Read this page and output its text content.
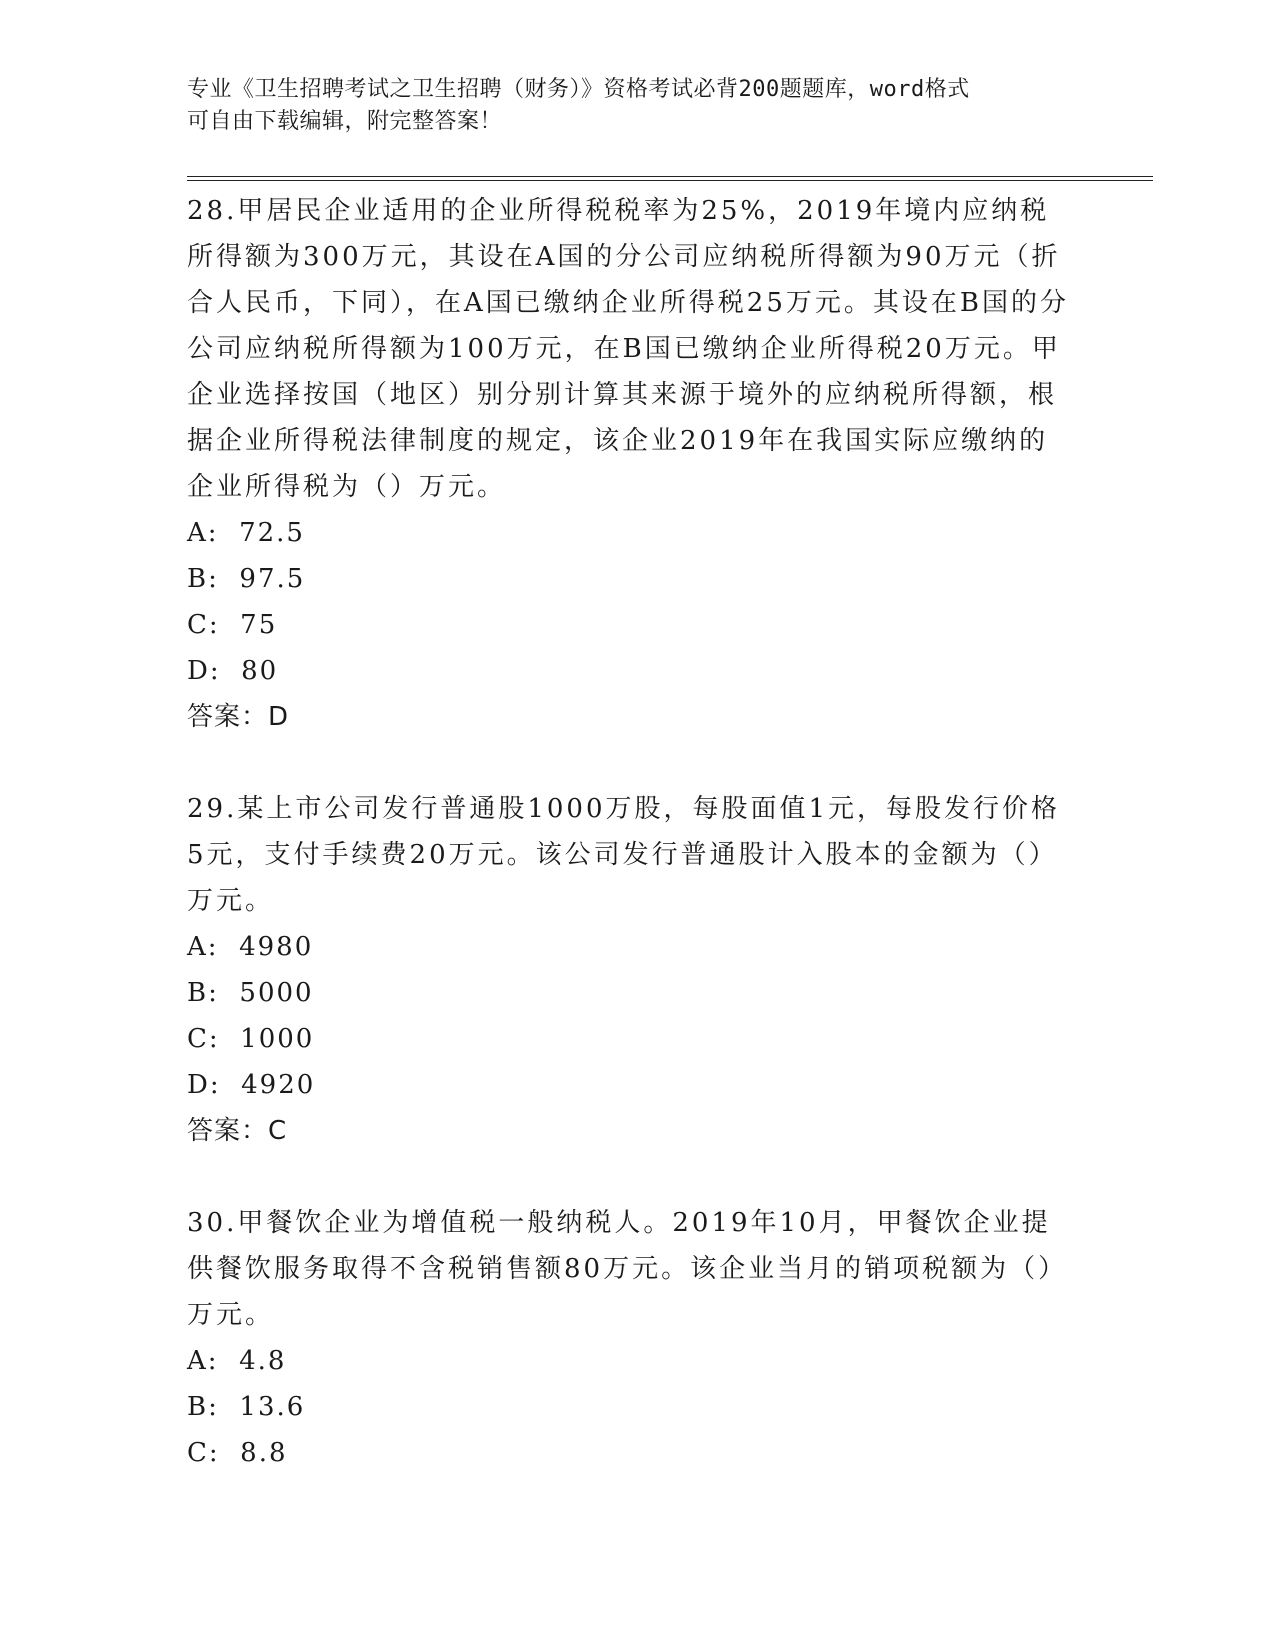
专业《卫生招聘考试之卫生招聘（财务）》资格考试必背200题题库，word格式
可自由下载编辑，附完整答案！
28.甲居民企业适用的企业所得税税率为25%，2019年境内应纳税所得额为300万元，其设在A国的分公司应纳税所得额为90万元（折合人民币，下同），在A国已缴纳企业所得税25万元。其设在B国的分公司应纳税所得额为100万元，在B国已缴纳企业所得税20万元。甲企业选择按国（地区）别分别计算其来源于境外的应纳税所得额，根据企业所得税法律制度的规定，该企业2019年在我国实际应缴纳的企业所得税为（）万元。
A:  72.5
B:  97.5
C:  75
D:  80
答案：D
29.某上市公司发行普通股1000万股，每股面值1元，每股发行价格5元，支付手续费20万元。该公司发行普通股计入股本的金额为（）万元。
A:  4980
B:  5000
C:  1000
D:  4920
答案：C
30.甲餐饮企业为增值税一般纳税人。2019年10月，甲餐饮企业提供餐饮服务取得不含税销售额80万元。该企业当月的销项税额为（）万元。
A:  4.8
B:  13.6
C:  8.8
